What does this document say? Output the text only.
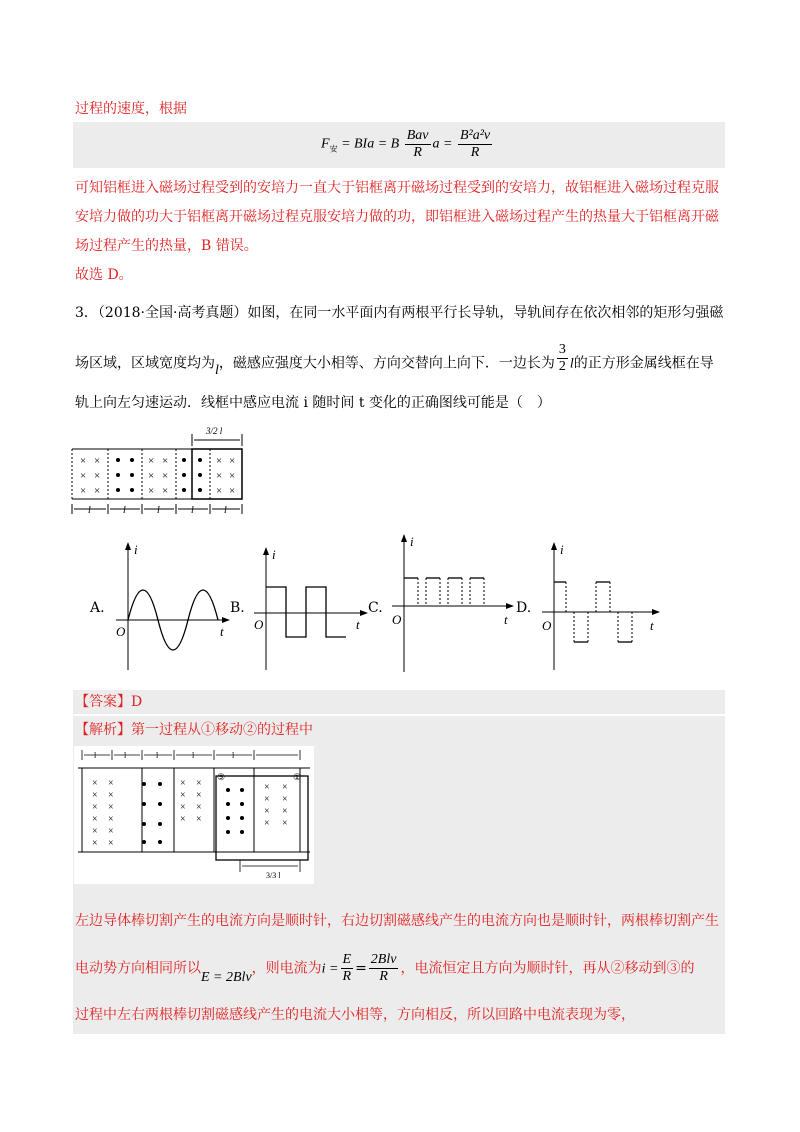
过程的速度，根据
$F_安$ = BIa = B $\frac{\text{Bav}}{R}$ $a = \frac{\text{B²a²v}}{R}$
可知铝框进入磁场过程受到的安培力一直大于铝框离开磁场过程受到的安培力，故铝框进入磁场过程克服
安培力做的功大于铝框离开磁场过程克服安培力做的功，即铝框进入磁场过程产生的热量大于铝框离开磁
场过程产生的热量，B 错误。
故选 D。
3．（2018·全国·高考真题）如图，在同一水平面内有两根平行长导轨，导轨间存在依次相邻的矩形匀强磁
场区域，区域宽度均为l，磁感应强度大小相等、方向交替向上向下．一边长为 $\frac{3}{2}$ l的正方形金属线框在导
轨上向左匀速运动．线框中感应电流 i 随时间 t 变化的正确图线可能是（　）
× ×
× ×
× ×
× ×
× ×
× ×
× ×
× ×
× ×
3/2 l
l	l	l	l	l
A.
i
t
O
B.
i
t
O
C.
i
t
O
D.
i
t
O
【答案】D
【解析】第一过程从①移动②的过程中
l	l	l	l	l
⑤	①
× ×
× ×
× ×
× ×
× ×
× ×
× ×
× ×
× ×
× ×
× ×
× ×
× ×
× ×
3/3 l
左边导体棒切割产生的电流方向是顺时针，右边切割磁感线产生的电流方向也是顺时针，两根棒切割产生
电动势方向相同所以E = 2Blv，则电流为$i = \frac{E}{R} = \frac{\text{2Blv}}{R}$ ，电流恒定且方向为顺时针，再从②移动到③的
过程中左右两根棒切割磁感线产生的电流大小相等，方向相反，所以回路中电流表现为零，
